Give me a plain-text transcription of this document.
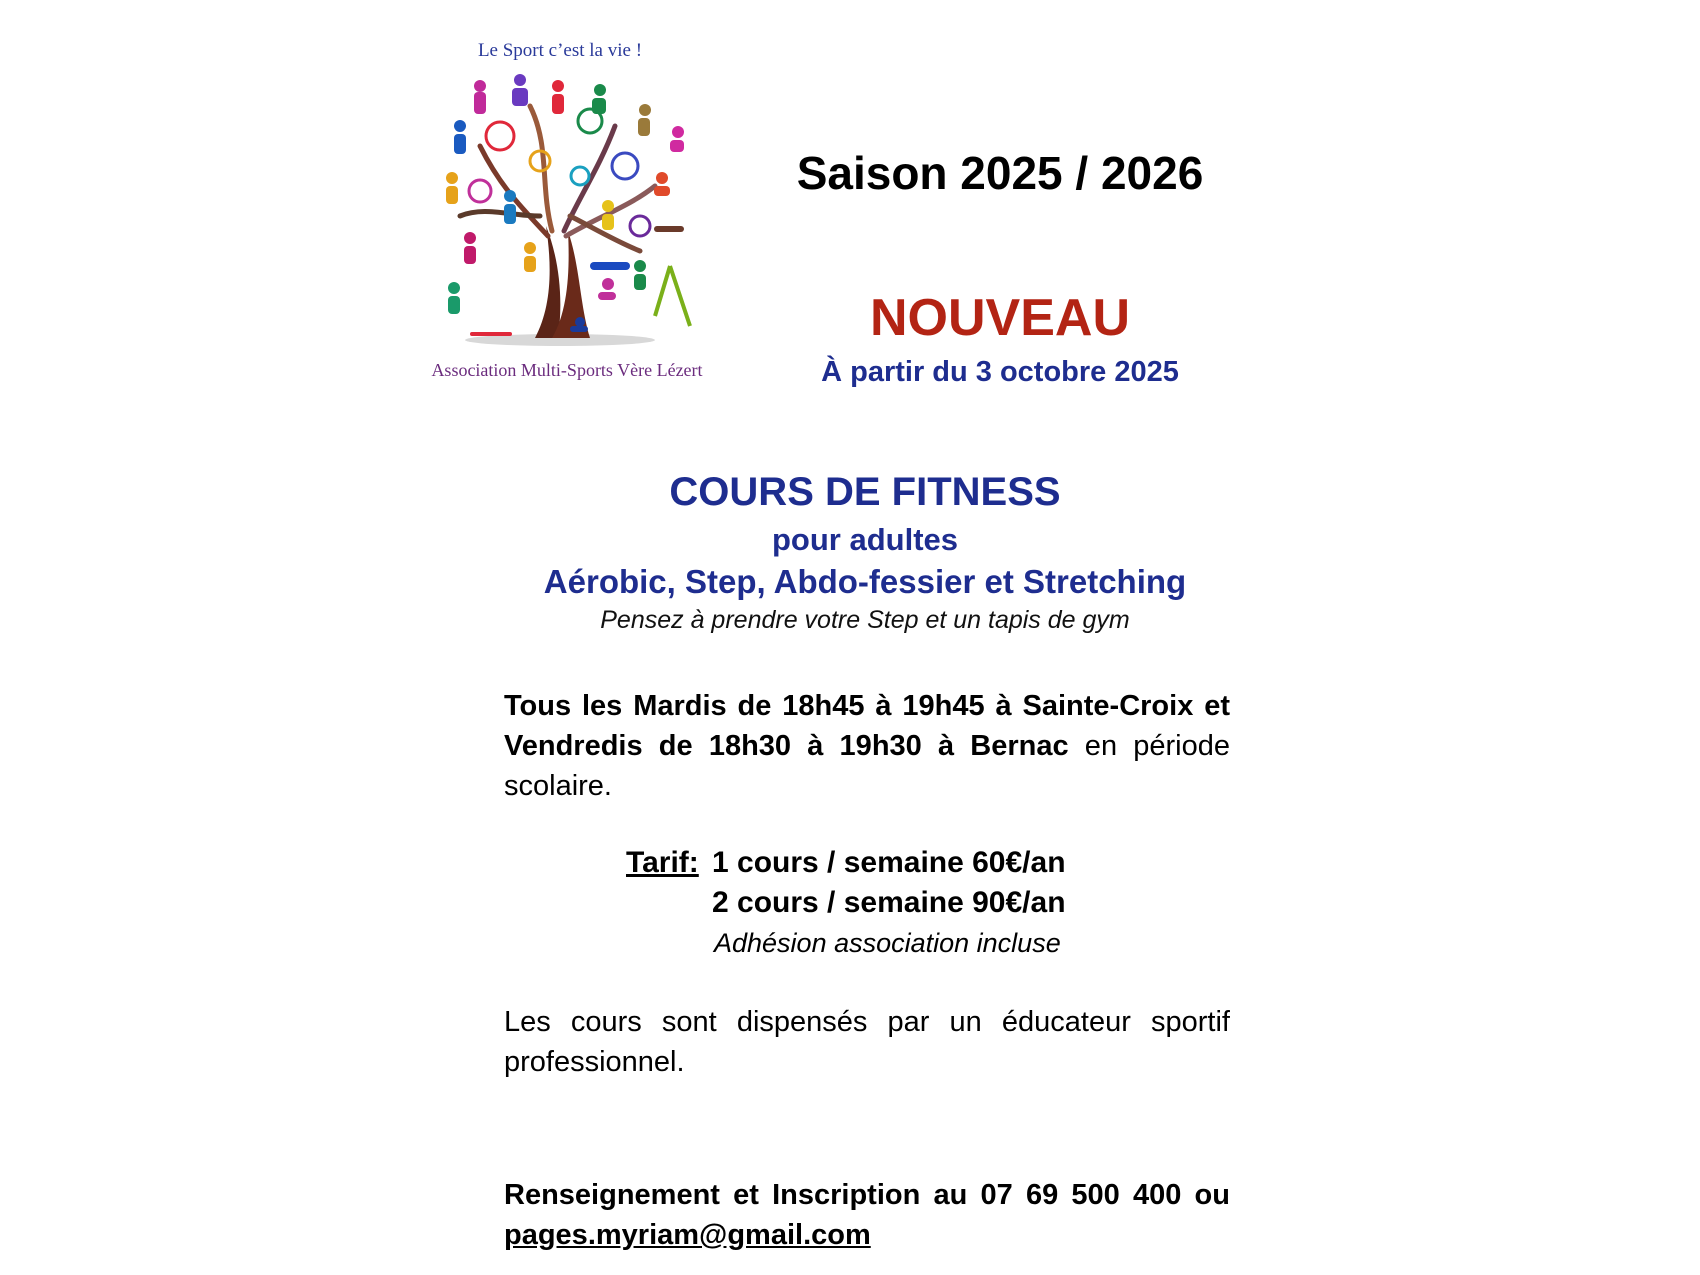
Le Sport c’est la vie !
Association Multi-Sports Vère Lézert
Saison 2025 / 2026
NOUVEAU
À partir du 3 octobre 2025
COURS DE FITNESS
pour adultes
Aérobic, Step, Abdo-fessier et Stretching
Pensez à prendre votre Step et un tapis de gym
Tous les Mardis de 18h45 à 19h45 à Sainte-Croix et Vendredis de 18h30 à 19h30 à Bernac en période scolaire.
Tarif: 1 cours / semaine 60€/an
2 cours / semaine 90€/an
Adhésion association incluse
Les cours sont dispensés par un éducateur sportif professionnel.
Renseignement et Inscription au 07 69 500 400 ou pages.myriam@gmail.com
